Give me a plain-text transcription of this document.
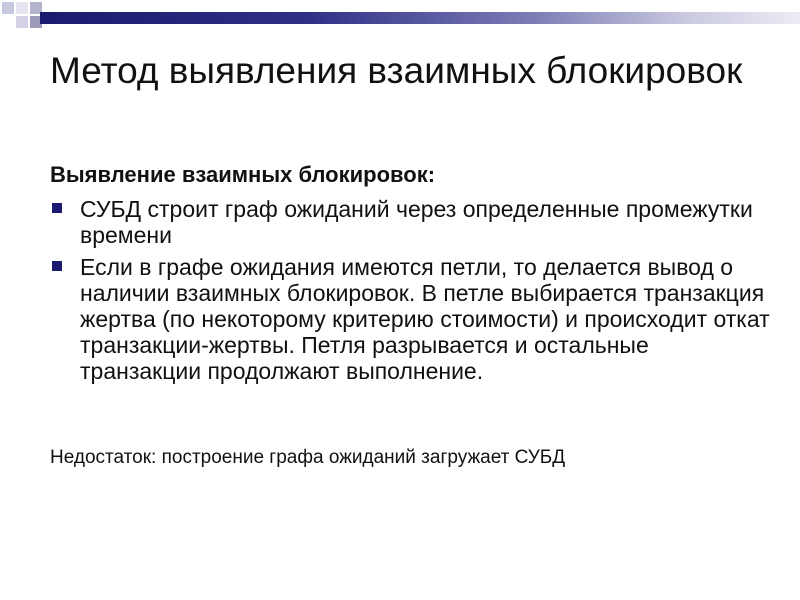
Метод выявления взаимных блокировок

Выявление взаимных блокировок:

СУБД строит граф ожиданий через определенные промежутки времени
Если в графе ожидания имеются петли, то делается вывод о наличии взаимных блокировок. В петле выбирается транзакция жертва (по некоторому критерию стоимости) и происходит откат транзакции-жертвы. Петля разрывается и остальные транзакции продолжают выполнение.

Недостаток: построение графа ожиданий загружает СУБД
